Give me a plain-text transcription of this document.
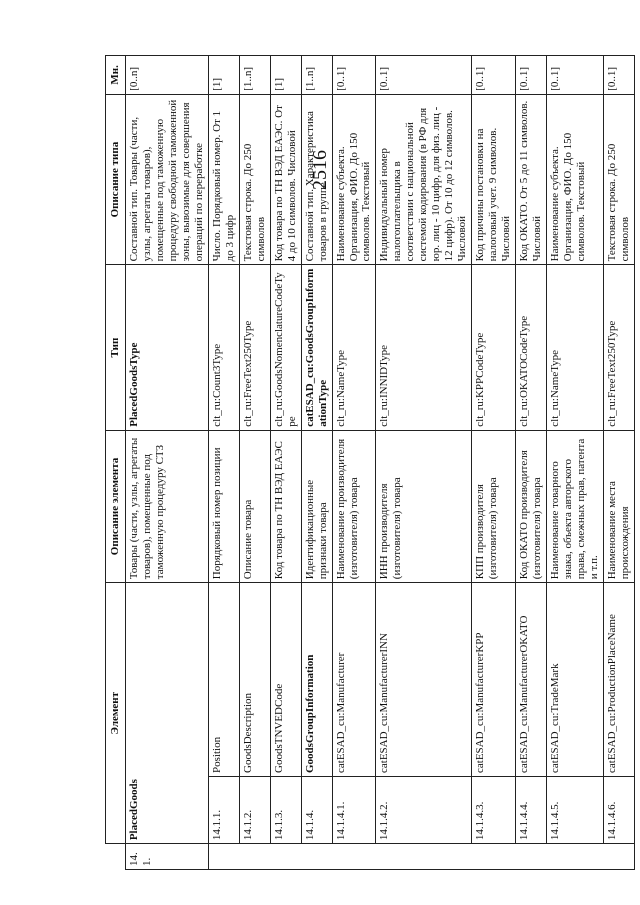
2516
	Элемент		Описание элемента	Тип	Описание типа	Мн.
14.1.	PlacedGoods		Товары (части, узлы, агрегаты товаров), помещенные под таможенную процедуру СТЗ	PlacedGoodsType	Составной тип. Товары (части, узлы, агрегаты товаров), помещенные под таможенную процедуру свободной таможенной зоны, вывозимые для совершения операций по переработке	[0..n]
	14.1.1.	Position	Порядковый номер позиции	clt_ru:Count3Type	Число. Порядковый номер. От 1 до 3 цифр	[1]
	14.1.2.	GoodsDescription	Описание товара	clt_ru:FreeText250Type	Текстовая строка. До 250 символов	[1..n]
	14.1.3.	GoodsTNVEDCode	Код товара по ТН ВЭД ЕАЭС	clt_ru:GoodsNomenclatureCodeType	Код товара по ТН ВЭД ЕАЭС. От 4 до 10 символов. Числовой	[1]
	14.1.4.	GoodsGroupInformation	Идентификационные признаки товара	catESAD_cu:GoodsGroupInformationType	Составной тип. Характеристика товаров в группе	[1..n]
	14.1.4.1.	catESAD_cu:Manufacturer	Наименование производителя (изготовителя) товара	clt_ru:NameType	Наименование субъекта. Организация, ФИО. До 150 символов. Текстовый	[0..1]
	14.1.4.2.	catESAD_cu:ManufacturerINN	ИНН производителя (изготовителя) товара	clt_ru:INNIDType	Индивидуальный номер налогоплательщика в соответствии с национальной системой кодирования (в РФ для юр. лиц - 10 цифр, для физ. лиц - 12 цифр). От 10 до 12 символов. Числовой	[0..1]
	14.1.4.3.	catESAD_cu:ManufacturerKPP	КПП производителя (изготовителя) товара	clt_ru:KPPCodeType	Код причины постановки на налоговый учет. 9 символов. Числовой	[0..1]
	14.1.4.4.	catESAD_cu:ManufacturerOKATO	Код ОКАТО производителя (изготовителя) товара	clt_ru:OKATOCodeType	Код ОКАТО. От 5 до 11 символов. Числовой	[0..1]
	14.1.4.5.	catESAD_cu:TradeMark	Наименование товарного знака, объекта авторского права, смежных прав, патента и т.п.	clt_ru:NameType	Наименование субъекта. Организация, ФИО. До 150 символов. Текстовый	[0..1]
	14.1.4.6.	catESAD_cu:ProductionPlaceName	Наименование места происхождения	clt_ru:FreeText250Type	Текстовая строка. До 250 символов	[0..1]
